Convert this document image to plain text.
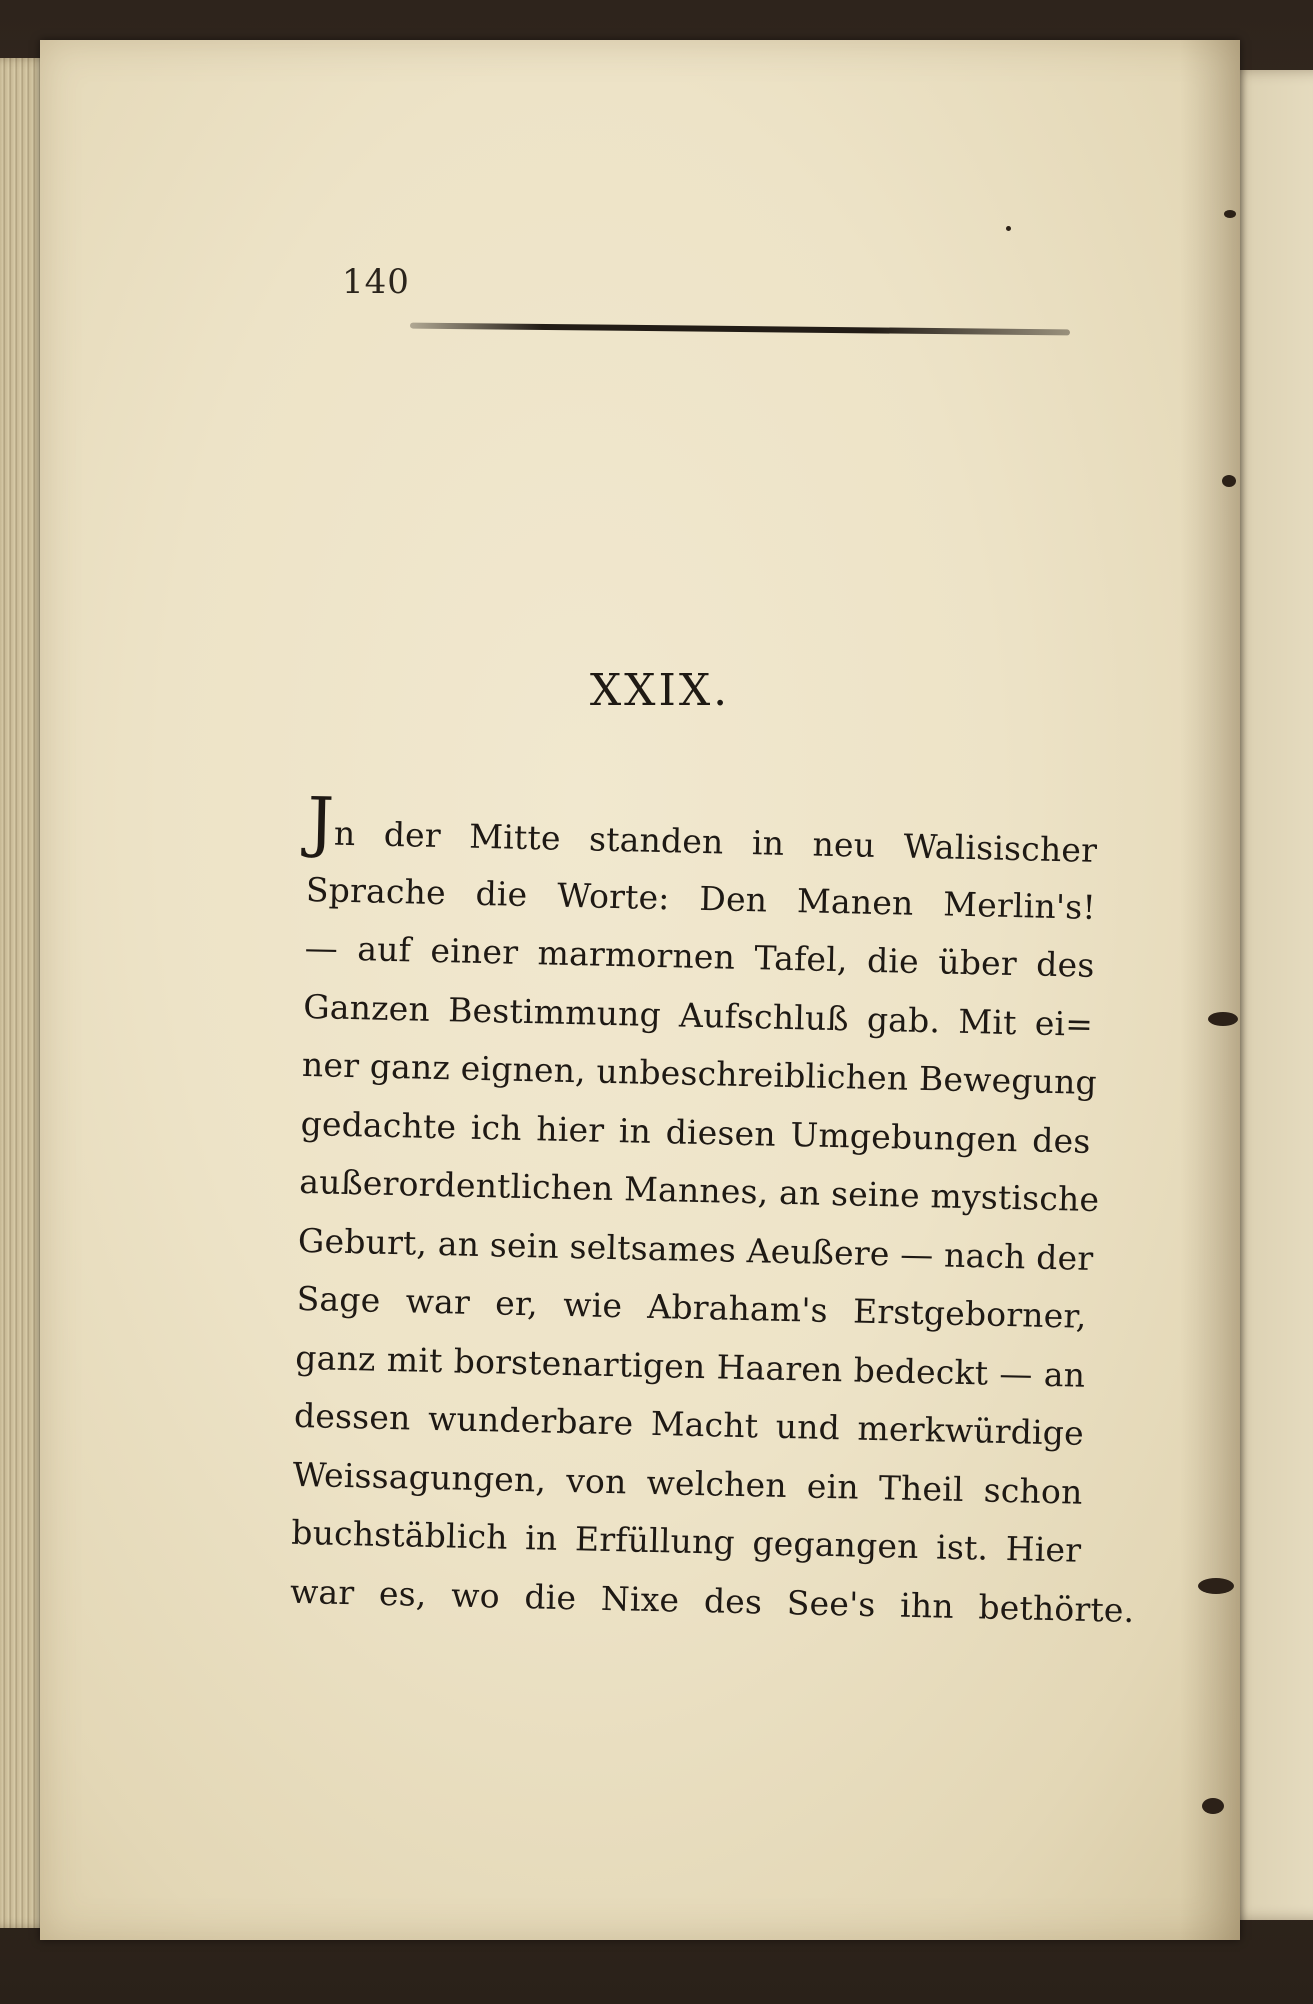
140
XXIX.
Jn der Mitte standen in neu Walisischer
Sprache die Worte: Den Manen Merlin's!
— auf einer marmornen Tafel, die über des
Ganzen Bestimmung Aufschluß gab. Mit ei=
ner ganz eignen, unbeschreiblichen Bewegung
gedachte ich hier in diesen Umgebungen des
außerordentlichen Mannes, an seine mystische
Geburt, an sein seltsames Aeußere — nach der
Sage war er, wie Abraham's Erstgeborner,
ganz mit borstenartigen Haaren bedeckt — an
dessen wunderbare Macht und merkwürdige
Weissagungen, von welchen ein Theil schon
buchstäblich in Erfüllung gegangen ist. Hier
war es, wo die Nixe des See's ihn bethörte.
